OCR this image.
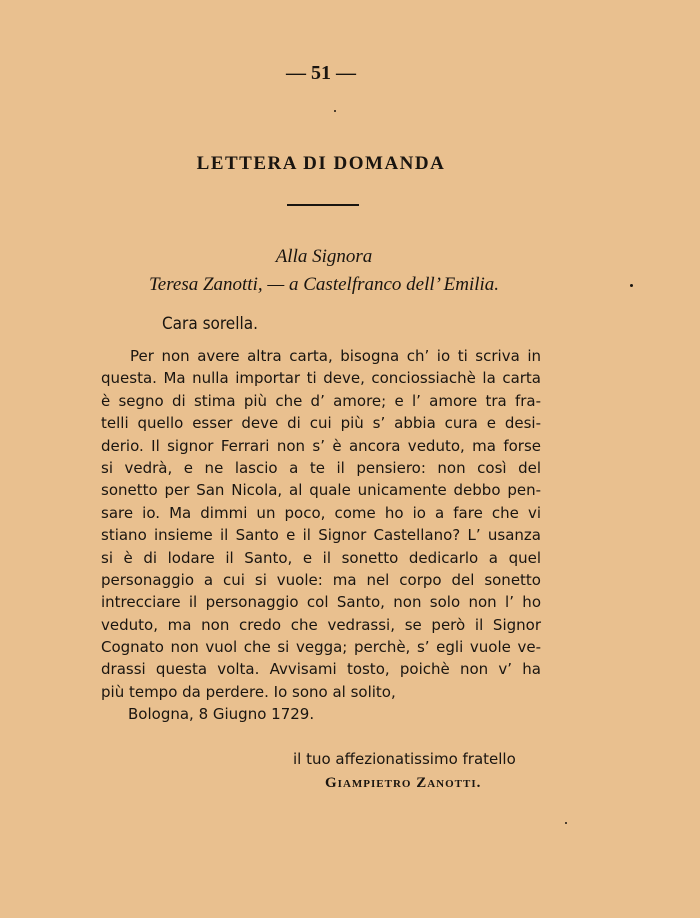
— 51 —
LETTERA DI DOMANDA
Alla Signora
Teresa Zanotti, — a Castelfranco dell’ Emilia.
Cara sorella.
Per non avere altra carta, bisogna ch’ io ti scriva in
questa. Ma nulla importar ti deve, conciossiachè la carta
è segno di stima più che d’ amore; e l’ amore tra fra-
telli quello esser deve di cui più s’ abbia cura e desi-
derio. Il signor Ferrari non s’ è ancora veduto, ma forse
si vedrà, e ne lascio a te il pensiero: non così del
sonetto per San Nicola, al quale unicamente debbo pen-
sare io. Ma dimmi un poco, come ho io a fare che vi
stiano insieme il Santo e il Signor Castellano? L’ usanza
si è di lodare il Santo, e il sonetto dedicarlo a quel
personaggio a cui si vuole: ma nel corpo del sonetto
intrecciare il personaggio col Santo, non solo non l’ ho
veduto, ma non credo che vedrassi, se però il Signor
Cognato non vuol che si vegga; perchè, s’ egli vuole ve-
drassi questa volta. Avvisami tosto, poichè non v’ ha
più tempo da perdere. Io sono al solito,
Bologna, 8 Giugno 1729.
il tuo affezionatissimo fratello
Giampietro Zanotti.
